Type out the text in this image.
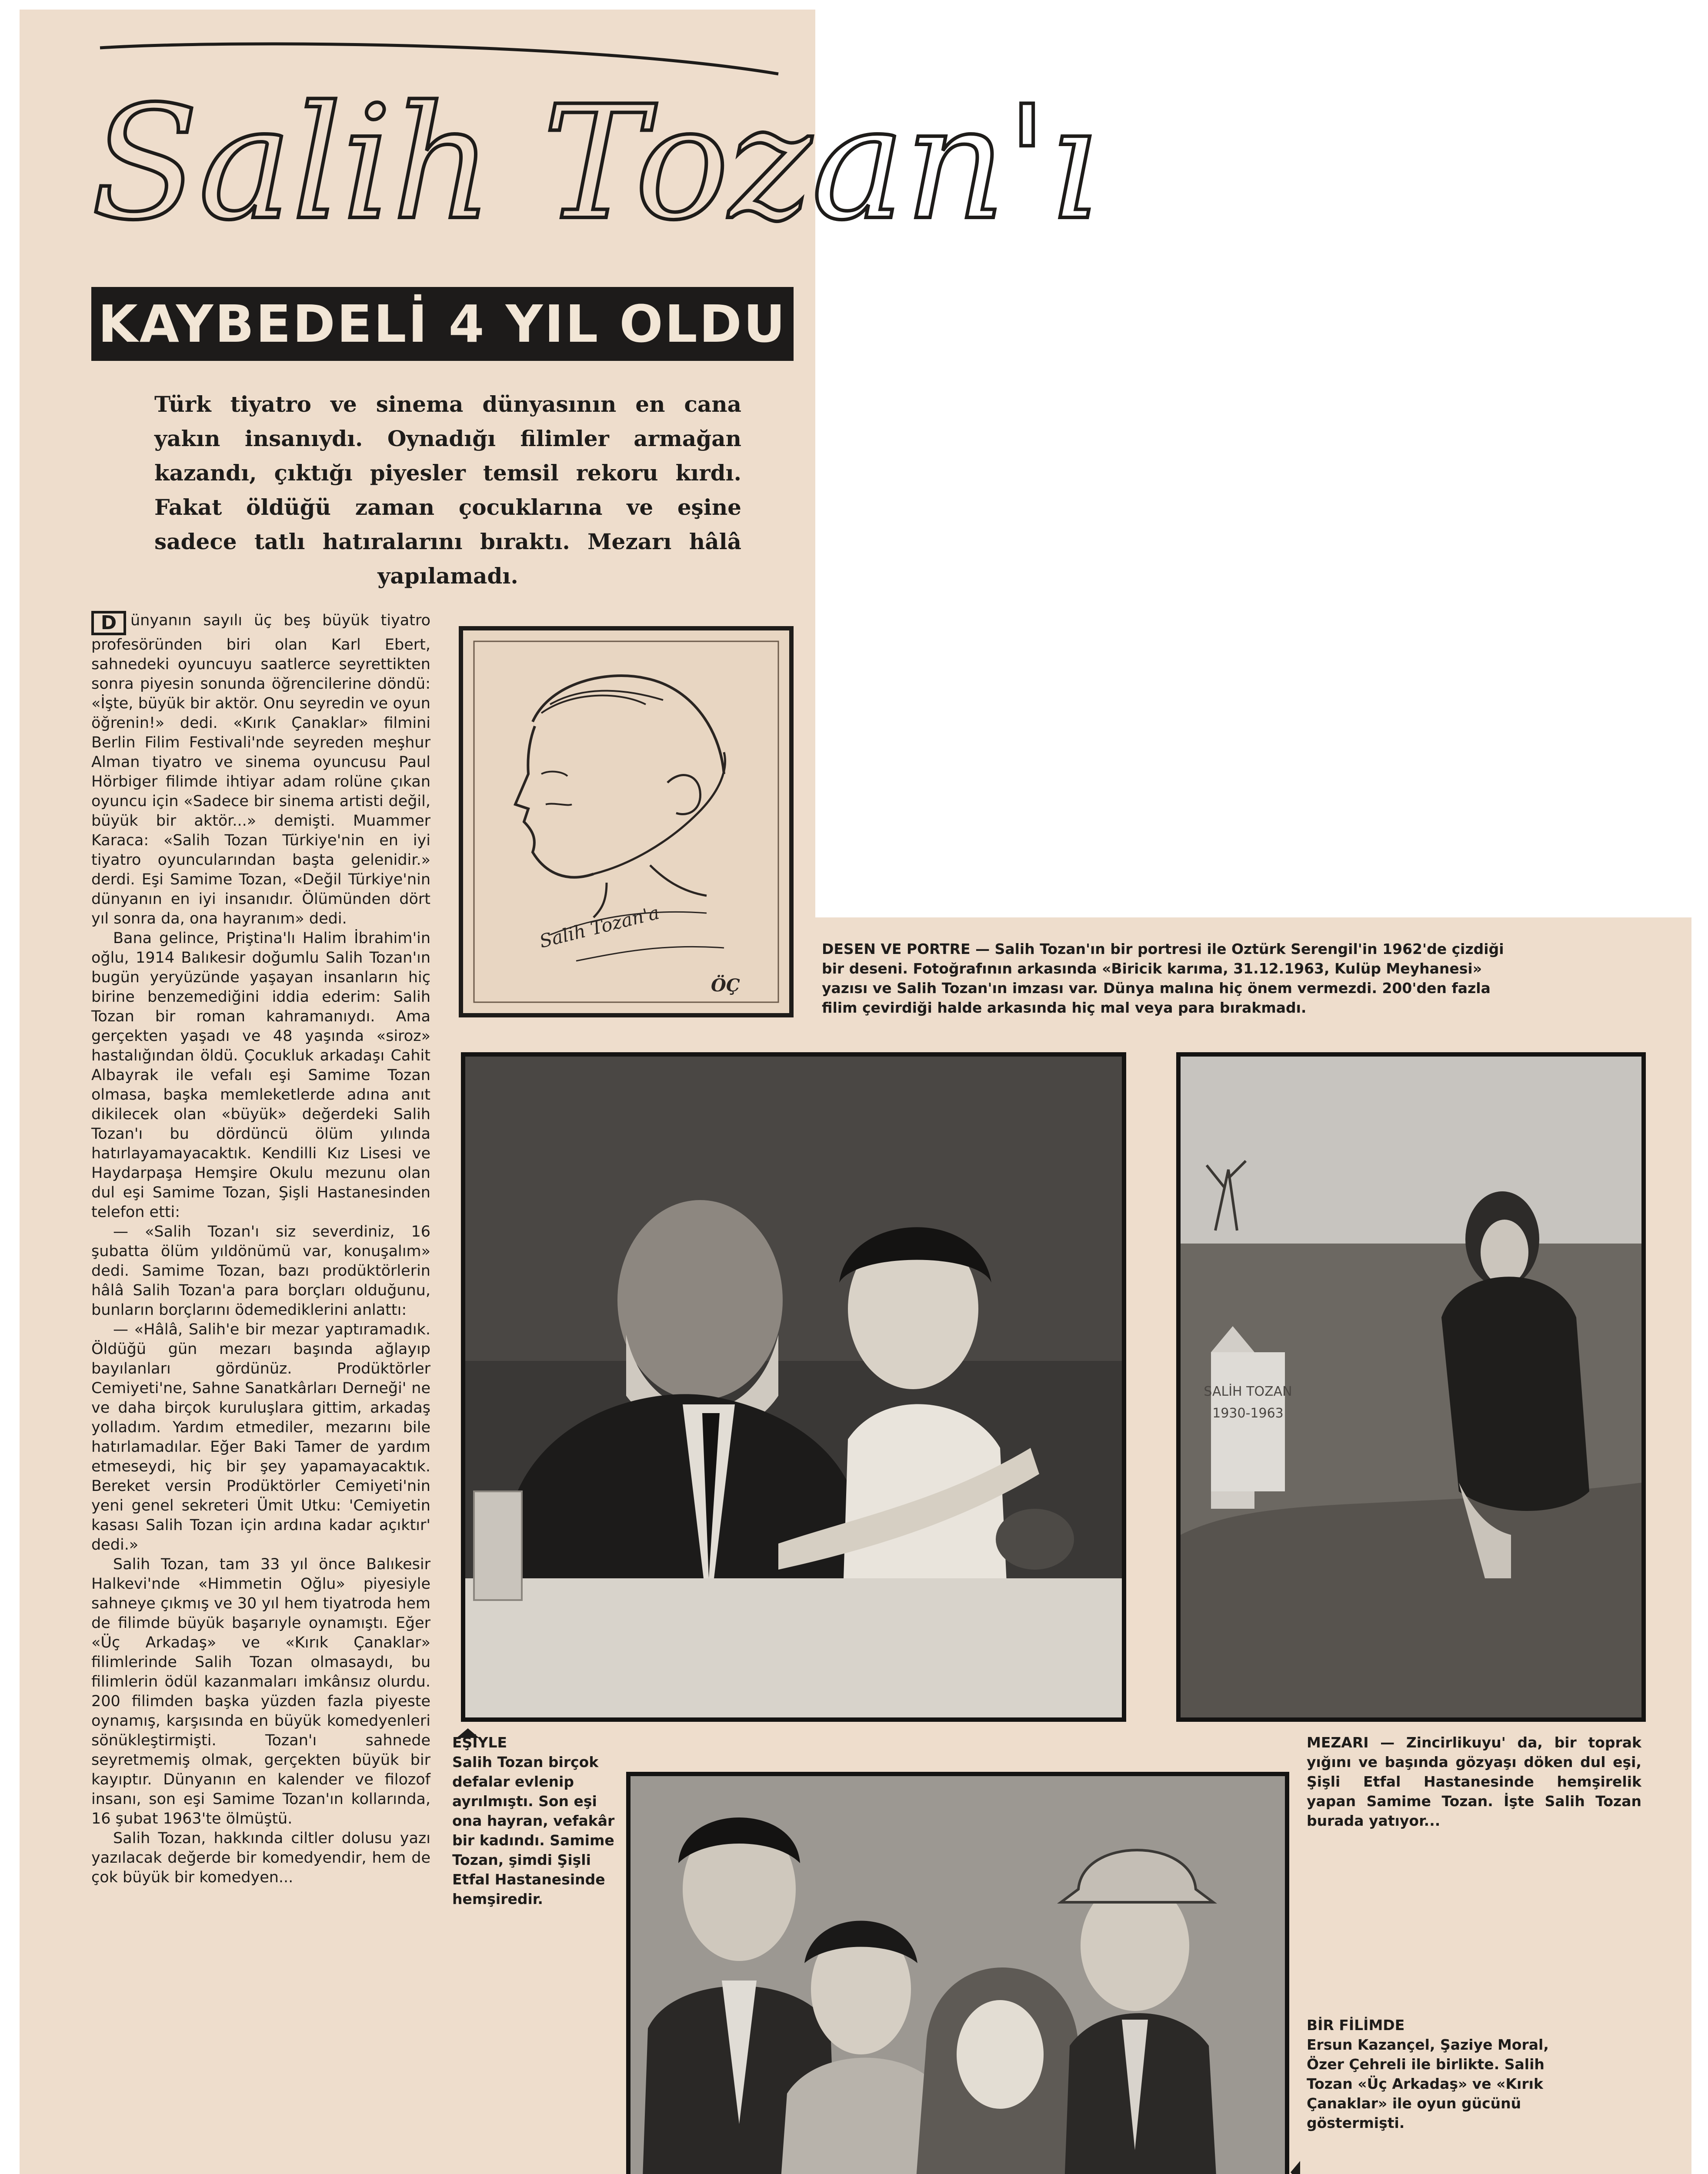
Salih Tozan'ı
KAYBEDELİ 4 YIL OLDU
Türk tiyatro ve sinema dünyasının en cana yakın insanıydı. Oynadığı filimler armağan kazandı, çıktığı piyesler temsil rekoru kırdı. Fakat öldüğü zaman çocuklarına ve eşine sadece tatlı hatıralarını bıraktı. Mezarı hâlâ yapılamadı.

D ünyanın sayılı üç beş büyük tiyatro profesöründen biri olan Karl Ebert, sahnedeki oyuncuyu saatlerce seyrettikten sonra piyesin sonunda öğrencilerine döndü: «İşte, büyük bir aktör. Onu seyredin ve oyun öğrenin!» dedi. «Kırık Çanaklar» filmini Berlin Filim Festivali'nde seyreden meşhur Alman tiyatro ve sinema oyuncusu Paul Hörbiger filimde ihtiyar adam rolüne çıkan oyuncu için «Sadece bir sinema artisti değil, büyük bir aktör...» demişti. Muammer Karaca: «Salih Tozan Türkiye'nin en iyi tiyatro oyuncularından başta gelenidir.» derdi. Eşi Samime Tozan, «Değil Türkiye'nin dünyanın en iyi insanıdır. Ölümünden dört yıl sonra da, ona hayranım» dedi.

Bana gelince, Priştina'lı Halim İbrahim'in oğlu, 1914 Balıkesir doğumlu Salih Tozan'ın bugün yeryüzünde yaşayan insanların hiç birine benzemediğini iddia ederim: Salih Tozan bir roman kahramanıydı. Ama gerçekten yaşadı ve 48 yaşında «siroz» hastalığından öldü. Çocukluk arkadaşı Cahit Albayrak ile vefalı eşi Samime Tozan olmasa, başka memleketlerde adına anıt dikilecek olan «büyük» değerdeki Salih Tozan'ı bu dördüncü ölüm yılında hatırlayamayacaktık. Kendilli Kız Lisesi ve Haydarpaşa Hemşire Okulu mezunu olan dul eşi Samime Tozan, Şişli Hastanesinden telefon etti:

— «Salih Tozan'ı siz severdiniz, 16 şubatta ölüm yıldönümü var, konuşalım» dedi. Samime Tozan, bazı prodüktörlerin hâlâ Salih Tozan'a para borçları olduğunu, bunların borçlarını ödemediklerini anlattı:

— «Hâlâ, Salih'e bir mezar yaptıramadık. Öldüğü gün mezarı başında ağlayıp bayılanları gördünüz. Prodüktörler Cemiyeti'ne, Sahne Sanatkârları Derneği' ne ve daha birçok kuruluşlara gittim, arkadaş yolladım. Yardım etmediler, mezarını bile hatırlamadılar. Eğer Baki Tamer de yardım etmeseydi, hiç bir şey yapamayacaktık. Bereket versin Prodüktörler Cemiyeti'nin yeni genel sekreteri Ümit Utku: 'Cemiyetin kasası Salih Tozan için ardına kadar açıktır' dedi.»

Salih Tozan, tam 33 yıl önce Balıkesir Halkevi'nde «Himmetin Oğlu» piyesiyle sahneye çıkmış ve 30 yıl hem tiyatroda hem de filimde büyük başarıyle oynamıştı. Eğer «Üç Arkadaş» ve «Kırık Çanaklar» filimlerinde Salih Tozan olmasaydı, bu filimlerin ödül kazanmaları imkânsız olurdu. 200 filimden başka yüzden fazla piyeste oynamış, karşısında en büyük komedyenleri sönükleştirmişti. Tozan'ı sahnede seyretmemiş olmak, gerçekten büyük bir kayıptır. Dünyanın en kalender ve filozof insanı, son eşi Samime Tozan'ın kollarında, 16 şubat 1963'te ölmüştü.

Salih Tozan, hakkında ciltler dolusu yazı yazılacak değerde bir komedyendir, hem de çok büyük bir komedyen...

Salih Tozan'a
ÖÇ
DESEN VE PORTRE — Salih Tozan'ın bir portresi ile Oztürk Serengil'in 1962'de çizdiği bir deseni. Fotoğrafının arkasında «Biricik karıma, 31.12.1963, Kulüp Meyhanesi» yazısı ve Salih Tozan'ın imzası var. Dünya malına hiç önem vermezdi. 200'den fazla filim çevirdiği halde arkasında hiç mal veya para bırakmadı.
SALİH TOZAN
1930-1963
EŞİYLE
Salih Tozan birçok defalar evlenip ayrılmıştı. Son eşi ona hayran, vefakâr bir kadındı. Samime Tozan, şimdi Şişli Etfal Hastanesinde hemşiredir.
MEZARI — Zincirlikuyu' da, bir toprak yığını ve başında gözyaşı döken dul eşi, Şişli Etfal Hastanesinde hemşirelik yapan Samime Tozan. İşte Salih Tozan burada yatıyor...
BİR FİLİMDE
Ersun Kazançel, Şaziye Moral, Özer Çehreli ile birlikte. Salih Tozan «Üç Arkadaş» ve «Kırık Çanaklar» ile oyun gücünü göstermişti.
